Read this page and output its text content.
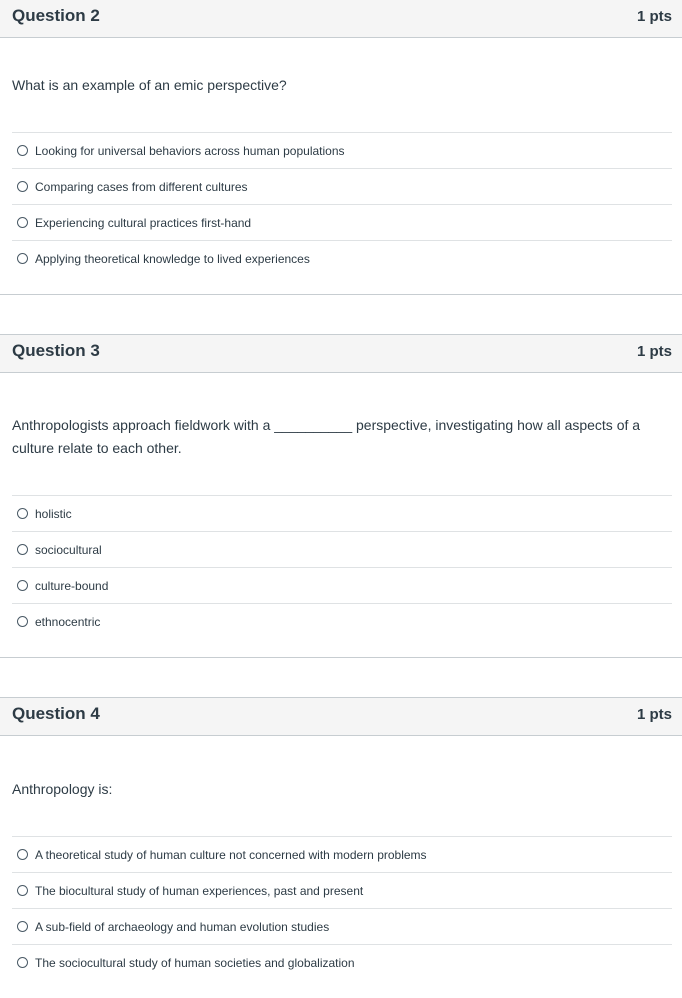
Question 2	1 pts
What is an example of an emic perspective?
Looking for universal behaviors across human populations
Comparing cases from different cultures
Experiencing cultural practices first-hand
Applying theoretical knowledge to lived experiences
Question 3	1 pts
Anthropologists approach fieldwork with a __________ perspective, investigating how all aspects of a culture relate to each other.
holistic
sociocultural
culture-bound
ethnocentric
Question 4	1 pts
Anthropology is:
A theoretical study of human culture not concerned with modern problems
The biocultural study of human experiences, past and present
A sub-field of archaeology and human evolution studies
The sociocultural study of human societies and globalization
